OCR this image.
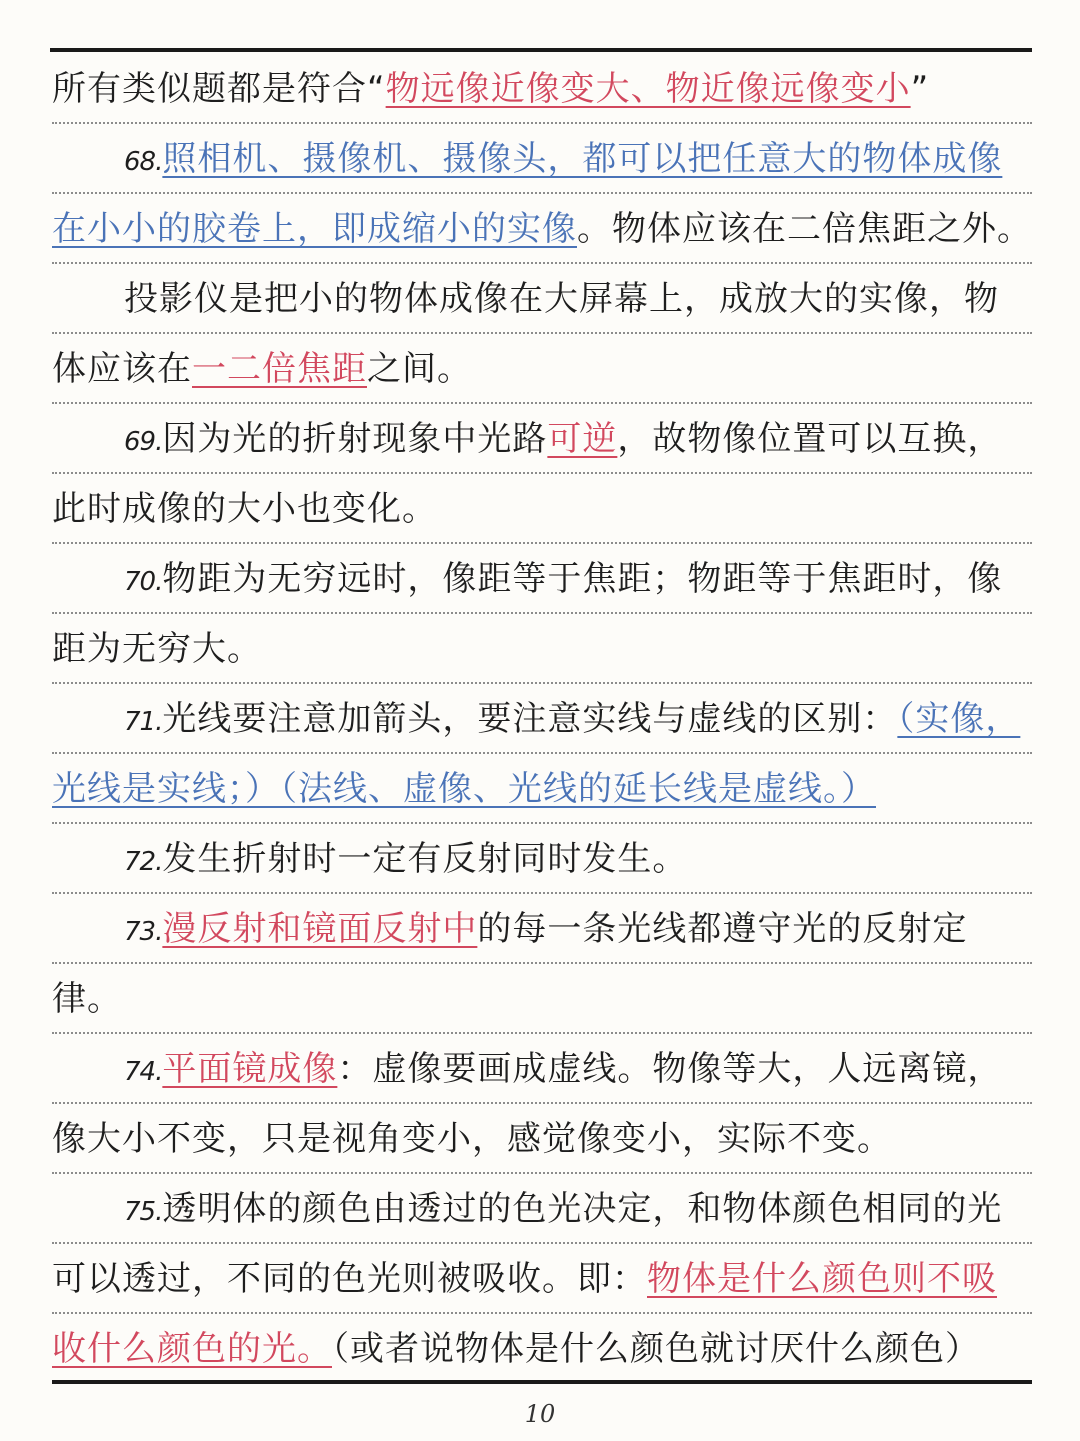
所有类似题都是符合“物远像近像变大、物近像远像变小”
68.照相机、摄像机、摄像头，都可以把任意大的物体成像
在小小的胶卷上，即成缩小的实像。物体应该在二倍焦距之外。
投影仪是把小的物体成像在大屏幕上，成放大的实像，物
体应该在一二倍焦距之间。
69.因为光的折射现象中光路可逆，故物像位置可以互换，
此时成像的大小也变化。
70.物距为无穷远时，像距等于焦距；物距等于焦距时，像
距为无穷大。
71.光线要注意加箭头，要注意实线与虚线的区别：（实像，
光线是实线；）（法线、虚像、光线的延长线是虚线。）
72.发生折射时一定有反射同时发生。
73.漫反射和镜面反射中的每一条光线都遵守光的反射定
律。
74.平面镜成像：虚像要画成虚线。物像等大，人远离镜，
像大小不变，只是视角变小，感觉像变小，实际不变。
75.透明体的颜色由透过的色光决定，和物体颜色相同的光
可以透过，不同的色光则被吸收。即：物体是什么颜色则不吸
收什么颜色的光。（或者说物体是什么颜色就讨厌什么颜色）
10
